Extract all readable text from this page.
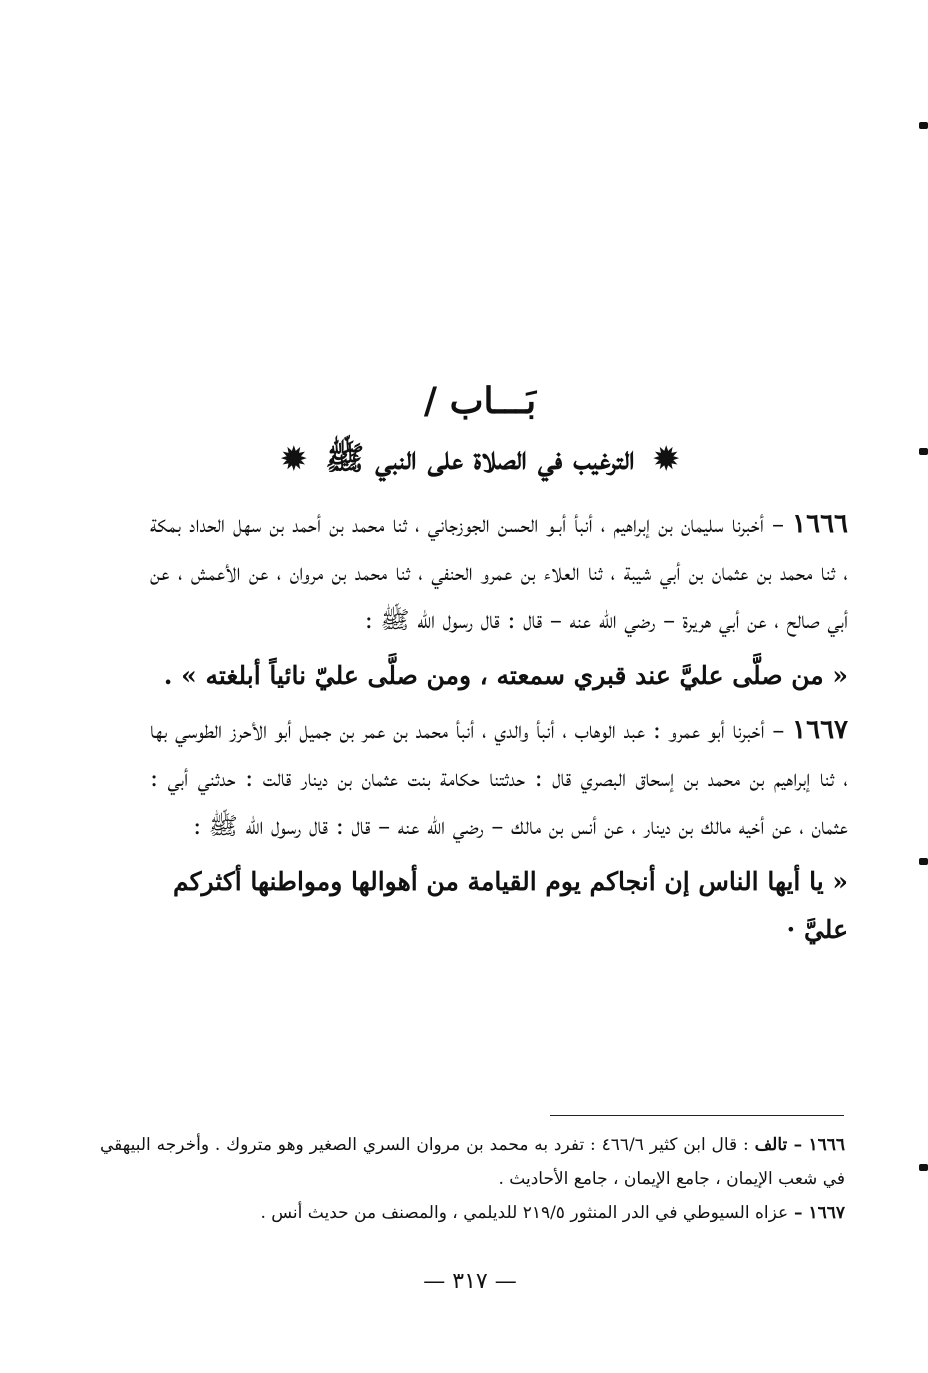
بَـــاب /
✹ الترغيب في الصلاة على النبي ﷺ ✹

١٦٦٦ – أخبرنا سليمان بن إبراهيم ، أنبأ أبـو الحسن الجوزجاني ، ثنا محمد بن أحمد بن سهل الحداد بمكة ، ثنا محمد بن عثمان بن أبي شيبة ، ثنا العلاء بن عمرو الحنفي ، ثنا محمد بن مروان ، عن الأعمش ، عن أبي صالح ، عن أبي هريرة – رضي الله عنه – قال : قال رسول الله ﷺ :

« من صلَّى عليَّ عند قبري سمعته ، ومن صلَّى عليّ نائياً أبلغته » .

١٦٦٧ – أخبرنا أبو عمرو : عبد الوهاب ، أنبأ والدي ، أنبأ محمد بن عمر بن جميل أبو الأحرز الطوسي بها ، ثنا إبراهيم بن محمد بن إسحاق البصري قال : حدثتنا حكامة بنت عثمان بن دينار قالت : حدثني أبي : عثمان ، عن أخيه مالك بن دينار ، عن أنس بن مالك – رضي الله عنه – قال : قال رسول الله ﷺ :

« يا أيها الناس إن أنجاكم يوم القيامة من أهوالها ومواطنها أكثركم عليَّ ·

١٦٦٦ – تالف : قال ابن كثير ٤٦٦/٦ : تفرد به محمد بن مروان السري الصغير وهو متروك . وأخرجه البيهقي في شعب الإيمان ، جامع الإيمان ، جامع الأحاديث .

١٦٦٧ – عزاه السيوطي في الدر المنثور ٢١٩/٥ للديلمي ، والمصنف من حديث أنس .

— ٣١٧ —
